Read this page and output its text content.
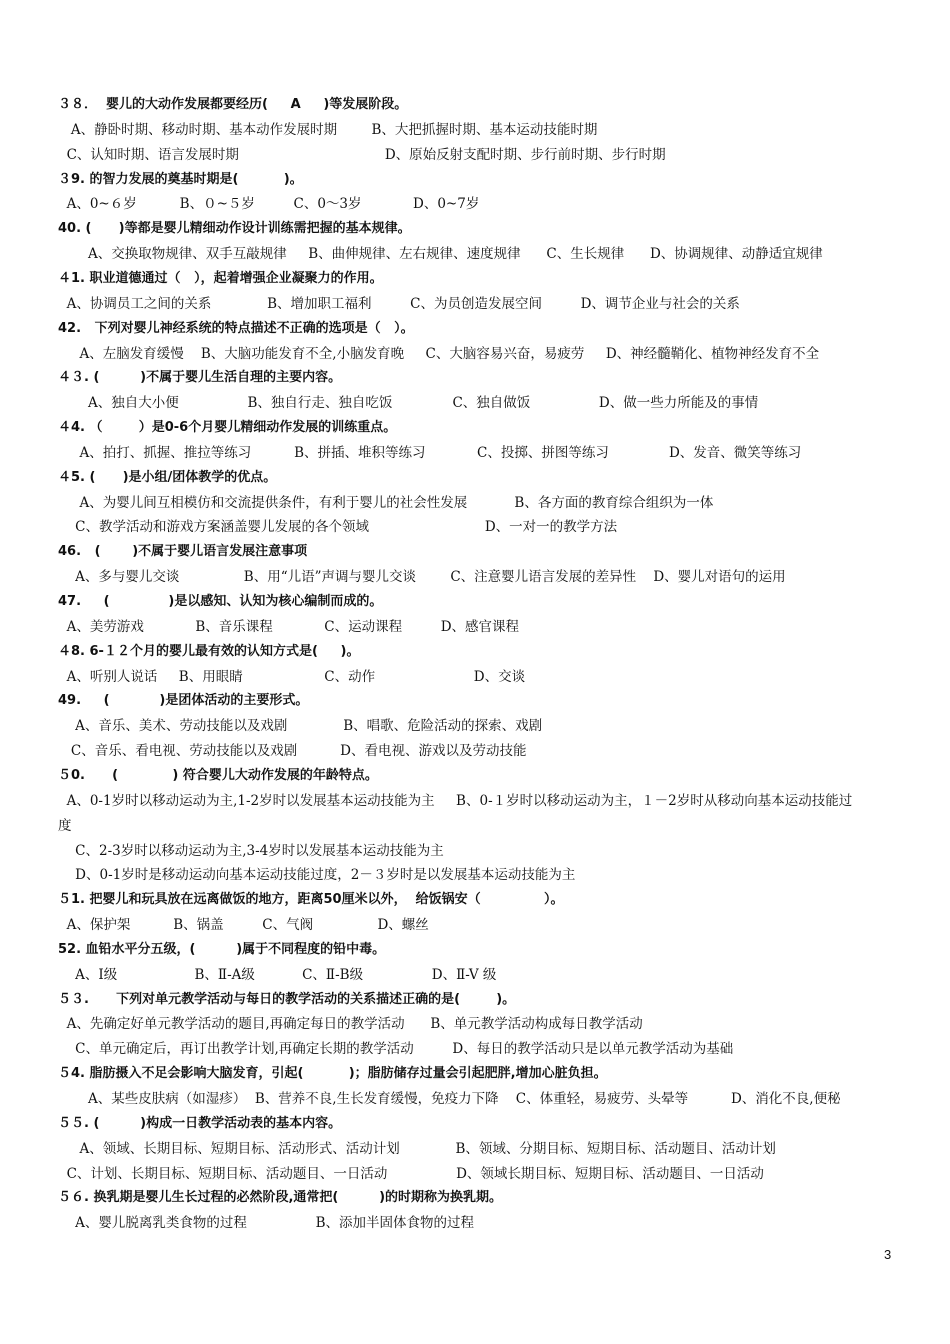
３８．  婴儿的大动作发展都要经历(     A     )等发展阶段。
A、静卧时期、移动时期、基本动作发展时期        B、大把抓握时期、基本运动技能时期
C、认知时期、语言发展时期                                  D、原始反射支配时期、步行前时期、步行时期
３9. 的智力发展的奠基时期是(          )。
A、0~６岁          B、０~５岁         C、0～3岁            D、0~7岁
40. (      )等都是婴儿精细动作设计训练需把握的基本规律。
A、交换取物规律、双手互敲规律     B、曲伸规律、左右规律、速度规律      C、生长规律      D、协调规律、动静适宜规律
４1. 职业道德通过（   ），起着增强企业凝聚力的作用。
A、协调员工之间的关系             B、增加职工福利         C、为员创造发展空间         D、调节企业与社会的关系
42.   下列对婴儿神经系统的特点描述不正确的选项是（   ）。
A、左脑发育缓慢    B、大脑功能发育不全,小脑发育晚     C、大脑容易兴奋，易疲劳     D、神经髓鞘化、植物神经发育不全
４３. (         )不属于婴儿生活自理的主要内容。
A、独自大小便                B、独自行走、独自吃饭              C、独自做饭                D、做一些力所能及的事情
４4. （        ）是0-6个月婴儿精细动作发展的训练重点。
A、拍打、抓握、推拉等练习          B、拼插、堆积等练习            C、投掷、拼图等练习              D、发音、微笑等练习
４5. (      )是小组/团体教学的优点。
A、为婴儿间互相模仿和交流提供条件，有利于婴儿的社会性发展           B、各方面的教育综合组织为一体
C、教学活动和游戏方案涵盖婴儿发展的各个领域                           D、一对一的教学方法
46.   (       )不属于婴儿语言发展注意事项
A、多与婴儿交谈               B、用“儿语”声调与婴儿交谈        C、注意婴儿语言发展的差异性    D、婴儿对语句的运用
47.     (             )是以感知、认知为核心编制而成的。
A、美劳游戏            B、音乐课程            C、运动课程         D、感官课程
４8. 6-１２个月的婴儿最有效的认知方式是(     )。
A、听别人说话     B、用眼睛                   C、动作                       D、交谈
49.     (           )是团体活动的主要形式。
A、音乐、美术、劳动技能以及戏剧             B、唱歌、危险活动的探索、戏剧
C、音乐、看电视、劳动技能以及戏剧          D、看电视、游戏以及劳动技能
５0.      (            ) 符合婴儿大动作发展的年龄特点。
A、0-1岁时以移动运动为主,1-2岁时以发展基本运动技能为主     B、0-１岁时以移动运动为主，１－2岁时从移动向基本运动技能过
度
C、2-3岁时以移动运动为主,3-4岁时以发展基本运动技能为主
D、0-1岁时是移动运动向基本运动技能过度，2－３岁时是以发展基本运动技能为主
５1. 把婴儿和玩具放在远离做饭的地方，距离50厘米以外，  给饭锅安（              ）。
A、保护架          B、锅盖         C、气阀               D、螺丝
52. 血铅水平分五级，(         )属于不同程度的铅中毒。
A、I级                  B、Ⅱ-A级           C、Ⅱ-B级                D、Ⅱ-V 级
５３.      下列对单元教学活动与每日的教学活动的关系描述正确的是(        )。
A、先确定好单元教学活动的题目,再确定每日的教学活动      B、单元教学活动构成每日教学活动
C、单元确定后，再订出教学计划,再确定长期的教学活动         D、每日的教学活动只是以单元教学活动为基础
５4. 脂肪摄入不足会影响大脑发育，引起(          )；脂肪储存过量会引起肥胖,增加心脏负担。
A、某些皮肤病（如湿疹）  B、营养不良,生长发育缓慢，免疫力下降    C、体重轻，易疲劳、头晕等          D、消化不良,便秘
５５. (         )构成一日教学活动表的基本内容。
A、领域、长期目标、短期目标、活动形式、活动计划             B、领域、分期目标、短期目标、活动题目、活动计划
C、计划、长期目标、短期目标、活动题目、一日活动                D、领域长期目标、短期目标、活动题目、一日活动
５６. 换乳期是婴儿生长过程的必然阶段,通常把(         )的时期称为换乳期。
A、婴儿脱离乳类食物的过程                B、添加半固体食物的过程
3
